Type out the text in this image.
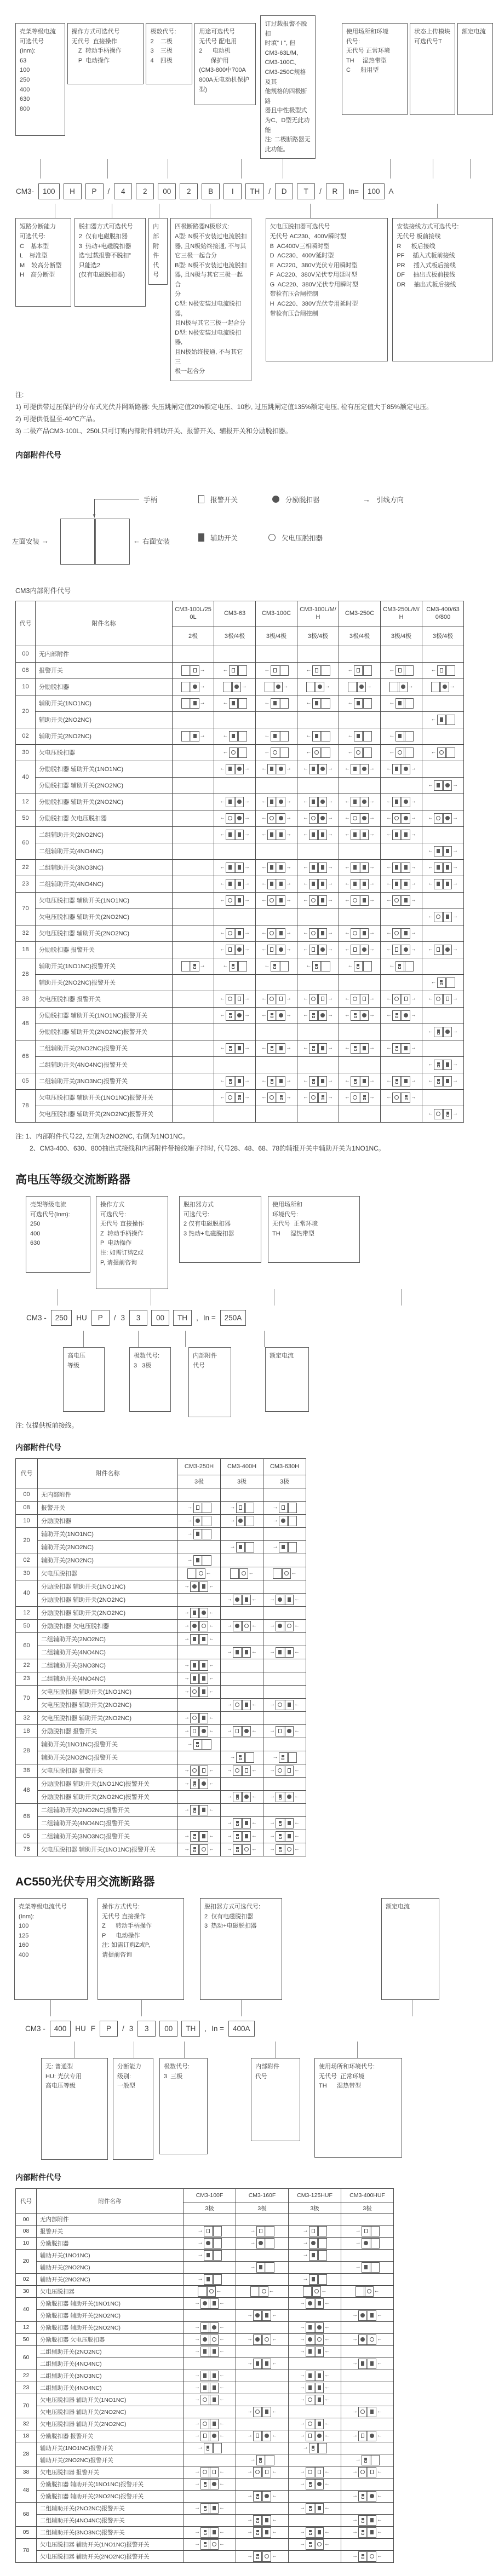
壳架等级电流
可选代号
(Inm):
63
100
250
400
630
800
操作方式可选代号
无代号  直接操作
Z  转动手柄操作
P  电动操作
极数代号:
2    二极
3    三极
4    四极
用途可选代号
无代号 配电用
2      电动机
保护用
(CM3-800中700A
800A无电动机保护型)
订过载报警不脱扣
时填“ I ”, 但
CM3-63L/M、
CM3-100C、
CM3-250C规格及其
他规格的四极断路
器且中性极型式
为C、D型无此功能
注: 二极断路器无
此功能。
使用场所和环境
代号:
无代号 正常环境
TH     湿热带型
C      船用型
状态上传模块
可选代号T
额定电流
CM3-	100	H	P	/	4	2	00	2	B	I	TH	/	D	T	/	R	In=	100	A
短路分断能力
可选代号:
C    基本型
L    标准型
M    较高分断型
H    高分断型
脱扣器方式可选代号
2  仅有电磁脱扣器
3  热动+电磁脱扣器
选“过载报警不脱扣”
只能选2
(仅有电磁脱扣器)
内部
附件
代号
四极断路器N极形式:
A型: N极不安装过电流脱扣
器, 且N极始终接通, 不与其
它三极一起合分
B型: N极不安装过电流脱扣
器, 且N极与其它三极一起合
分
C型: N极安装过电流脱扣器,
且N极与其它三极一起合分
D型: N极安装过电流脱扣器,
且N极始终接通, 不与其它三
极一起合分
欠电压脱扣器可选代号
无代号 AC230、400V瞬时型
B  AC400V三相瞬时型
D  AC230、400V延时型
E  AC220、380V光伏专用瞬时型
F  AC220、380V光伏专用延时型
G  AC220、380V光伏专用瞬时型
带检有压合闸控制
H  AC220、380V光伏专用延时型
带检有压合闸控制
安装接线方式可选代号:
无代号 板前接线
R      板后接线
PF     插入式板前接线
PR     插入式板后接线
DF     抽出式板前接线
DR     抽出式板后接线
注:
1) 可提供带过压保护的分布式光伏并网断路器: 失压跳闸定值20%额定电压、10秒, 过压跳闸定值135%额定电压, 检有压定值大于85%额定电压。
2) 可提供低温至-40℃产品。
3) 二极产品CM3-100L、250L只可订购内部附件辅助开关、报警开关、辅报开关和分励脱扣器。
内部附件代号
▼
手柄
左面安装 →	← 右面安装
报警开关	分励脱扣器	→ 引线方向
辅助开关	欠电压脱扣器
CM3内部附件代号
代号	附件名称	CM3-100L/250L	CM3-63	CM3-100C	CM3-100L/M/H	CM3-250C	CM3-250L/M/H	CM3-400/630/800
		2极	3极/4极	3极/4极	3极/4极	3极/4极	3极/4极	3极/4极
00	无内部附件							
08	报警开关	→	←	←	←	←	←	←

10	分励脱扣器	→	→	→	→	→	→	→

20	辅助开关(1NO1NC)	→	←	←	←	←	←	

	辅助开关(2NO2NC)							←

02	辅助开关(2NO2NC)	→	←	←	←	←	←	

30	欠电压脱扣器		←	←	←	←	←	←

40	分励脱扣器 辅助开关(1NO1NC)		← →	← →	← →	← →	← →	

	分励脱扣器 辅助开关(2NO2NC)							← →

12	分励脱扣器 辅助开关(2NO2NC)		← →	← →	← →	← →	← →	

50	分励脱扣器 欠电压脱扣器		← →	← →	← →	← →	← →	← →

60	二组辅助开关(2NO2NC)		← →	← →	← →	← →	← →	

	二组辅助开关(4NO4NC)							← →

22	二组辅助开关(3NO3NC)		← →	← →	← →	← →	← →	← →

23	二组辅助开关(4NO4NC)		← →	← →	← →	← →	← →	← →

70	欠电压脱扣器 辅助开关(1NO1NC)		← →	← →	← →	← →	← →	

	欠电压脱扣器 辅助开关(2NO2NC)							← →

32	欠电压脱扣器 辅助开关(2NO2NC)		← →	← →	← →	← →	← →	

18	分励脱扣器 报警开关		← →	← →	← →	← →	← →	← →

28	辅助开关(1NO1NC)报警开关	→	←	←	←	←	←	

	辅助开关(2NO2NC)报警开关							←

38	欠电压脱扣器 报警开关		← →	← →	← →	← →	← →	← →

48	分励脱扣器 辅助开关(1NO1NC)报警开关		← →	← →	← →	← →	← →	

	分励脱扣器 辅助开关(2NO2NC)报警开关							← →

68	二组辅助开关(2NO2NC)报警开关		← →	← →	← →	← →	← →	

	二组辅助开关(4NO4NC)报警开关							← →

05	二组辅助开关(3NO3NC)报警开关		← →	← →	← →	← →	← →	← →

78	欠电压脱扣器 辅助开关(1NO1NC)报警开关		← →	← →	← →	← →	← →	

	欠电压脱扣器 辅助开关(2NO2NC)报警开关							← →
注: 1、内部附件代号22, 左侧为2NO2NC, 右侧为1NO1NC。
2、CM3-400、630、800抽出式接线和内部附件带接线端子排时, 代号28、48、68、78的辅报开关中辅助开关为1NO1NC。
高电压等级交流断路器
壳架等级电流
可选代号(Inm):
250
400
630
操作方式
可选代号:
无代号 直接操作
Z  转动手柄操作
P  电动操作
注: 如需订购Z或
P, 请提前咨询
脱扣器方式
可选代号:
2 仅有电磁脱扣器
3 热动+电磁脱扣器
使用场所和
环境代号:
无代号  正常环境
TH      湿热带型
CM3 -	250	HU	P	/ 3	3	00	TH	, In =	250A
高电压
等级
极数代号:
3   3极
内部附件
代号
额定电流
注: 仅提供板前接线。
内部附件代号
代号	附件名称	CM3-250H	CM3-400H	CM3-630H
		3极	3极	3极
00	无内部附件			
08	报警开关	→	→	→

10	分励脱扣器	→	→	→

20	辅助开关(1NO1NC)	→		

	辅助开关(2NO2NC)		→	→

02	辅助开关(2NO2NC)	→		

30	欠电压脱扣器	←	←	←

40	分励脱扣器 辅助开关(1NO1NC)	→ ←		

	分励脱扣器 辅助开关(2NO2NC)		→ ←	→ ←

12	分励脱扣器 辅助开关(2NO2NC)	→ ←		

50	分励脱扣器 欠电压脱扣器	→ ←	→ ←	→ ←

60	二组辅助开关(2NO2NC)	→ ←		

	二组辅助开关(4NO4NC)		→ ←	→ ←

22	二组辅助开关(3NO3NC)	→ ←		

23	二组辅助开关(4NO4NC)	→ ←		

70	欠电压脱扣器 辅助开关(1NO1NC)	→ ←		

	欠电压脱扣器 辅助开关(2NO2NC)		→ ←	→ ←

32	欠电压脱扣器 辅助开关(2NO2NC)	→ ←		

18	分励脱扣器 报警开关	→ ←	→ ←	→ ←

28	辅助开关(1NO1NC)报警开关	→		

	辅助开关(2NO2NC)报警开关		→	→

38	欠电压脱扣器 报警开关	→ ←	→ ←	→ ←

48	分励脱扣器 辅助开关(1NO1NC)报警开关	→ ←		

	分励脱扣器 辅助开关(2NO2NC)报警开关		→ ←	→ ←

68	二组辅助开关(2NO2NC)报警开关	→ ←		

	二组辅助开关(4NO4NC)报警开关		→ ←	→ ←

05	二组辅助开关(3NO3NC)报警开关	→ ←	→ ←	→ ←

78	欠电压脱扣器 辅助开关(1NO1NC)报警开关	→ ←	→ ←	→ ←
AC550光伏专用交流断路器
壳架等级电流代号
(Inm):
100
125
160
400
操作方式代号:
无代号 直接操作
Z      转动手柄操作
P      电动操作
注: 如需订购Z或P,
请提前咨询
脱扣器方式可选代号:
2  仅有电磁脱扣器
3  热动+电磁脱扣器
额定电流
CM3 -	400	HU F	P	/ 3	3	00	TH	, In =	400A
无: 普通型
HU: 光伏专用
高电压等级
分断能力
级别:
一般型
极数代号:
3  三极
内部附件
代号
使用场所和环境代号:
无代号  正常环境
TH      湿热带型
内部附件代号
代号	附件名称	CM3-100F	CM3-160F	CM3-125HUF	CM3-400HUF
		3极	3极	3极	3极
00	无内部附件				
08	报警开关	→	→	→	→

10	分励脱扣器	→	→	→	→

20	辅助开关(1NO1NC)	→		→	

	辅助开关(2NO2NC)		→		→

02	辅助开关(2NO2NC)	→		→	

30	欠电压脱扣器	←	←	←	←

40	分励脱扣器 辅助开关(1NO1NC)	→ ←		→ ←	

	分励脱扣器 辅助开关(2NO2NC)		→ ←		→ ←

12	分励脱扣器 辅助开关(2NO2NC)	→ ←		→ ←	

50	分励脱扣器 欠电压脱扣器	→ ←	→ ←	→ ←	→ ←

60	二组辅助开关(2NO2NC)	→ ←		→ ←	

	二组辅助开关(4NO4NC)		→ ←		→ ←

22	二组辅助开关(3NO3NC)	→ ←		→ ←	

23	二组辅助开关(4NO4NC)	→ ←		→ ←	

70	欠电压脱扣器 辅助开关(1NO1NC)	→ ←		→ ←	

	欠电压脱扣器 辅助开关(2NO2NC)		→ ←		→ ←

32	欠电压脱扣器 辅助开关(2NO2NC)	→ ←		→ ←	

18	分励脱扣器 报警开关	→ ←	→ ←	→ ←	→ ←

28	辅助开关(1NO1NC)报警开关	→		→	

	辅助开关(2NO2NC)报警开关		→		→

38	欠电压脱扣器 报警开关	→ ←	→ ←	→ ←	→ ←

48	分励脱扣器 辅助开关(1NO1NC)报警开关	→ ←		→ ←	

	分励脱扣器 辅助开关(2NO2NC)报警开关		→ ←		→ ←

68	二组辅助开关(2NO2NC)报警开关	→ ←		→ ←	

	二组辅助开关(4NO4NC)报警开关		→ ←		→ ←

05	二组辅助开关(3NO3NC)报警开关	→ ←	→ ←	→ ←	→ ←

78	欠电压脱扣器 辅助开关(1NO1NC)报警开关	→ ←		→ ←	

	欠电压脱扣器 辅助开关(2NO2NC)报警开关		→ ←		→ ←
